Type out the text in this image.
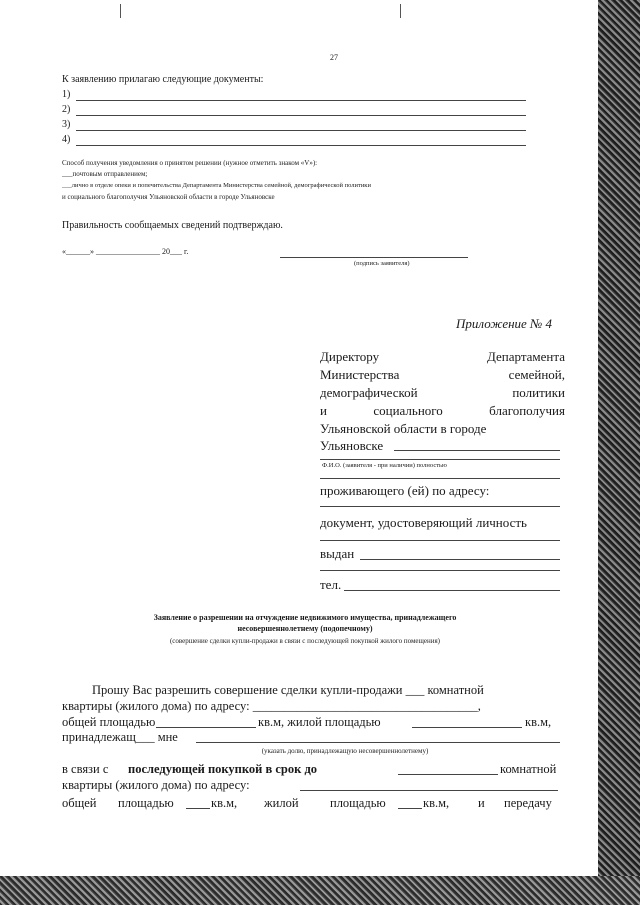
27
К заявлению прилагаю следующие документы:
1)
2)
3)
4)
Способ получения уведомления о принятом решении (нужное отметить знаком «V»):
___почтовым отправлением;
___лично в отделе опеки и попечительства Департамента Министерства семейной, демографической политики
и социального благополучия Ульяновской области в городе Ульяновске
Правильность сообщаемых сведений подтверждаю.
«______» ________________ 20___ г.
(подпись заявителя)
Приложение № 4
Директору	Департамента
Министерства	семейной,
демографической	политики
и	социального	благополучия
Ульяновской области в городе
Ульяновске
Ф.И.О. (заявителя - при наличии) полностью
проживающего (ей) по адресу:
документ, удостоверяющий личность
выдан
тел.
Заявление о разрешении на отчуждение недвижимого имущества, принадлежащего
несовершеннолетнему (подопечному)
(совершение сделки купли-продажи в связи с последующей покупкой жилого помещения)
Прошу Вас разрешить совершение сделки купли-продажи ___ комнатной
квартиры (жилого дома) по адресу: ____________________________________,
общей площадью	кв.м, жилой площадью	кв.м,
принадлежащ___ мне
(указать долю, принадлежащую несовершеннолетнему)
в связи с последующей покупкой в срок до	комнатной
квартиры (жилого дома) по адресу:
общей площадью	кв.м, жилой	площадью	кв.м, и передачу
